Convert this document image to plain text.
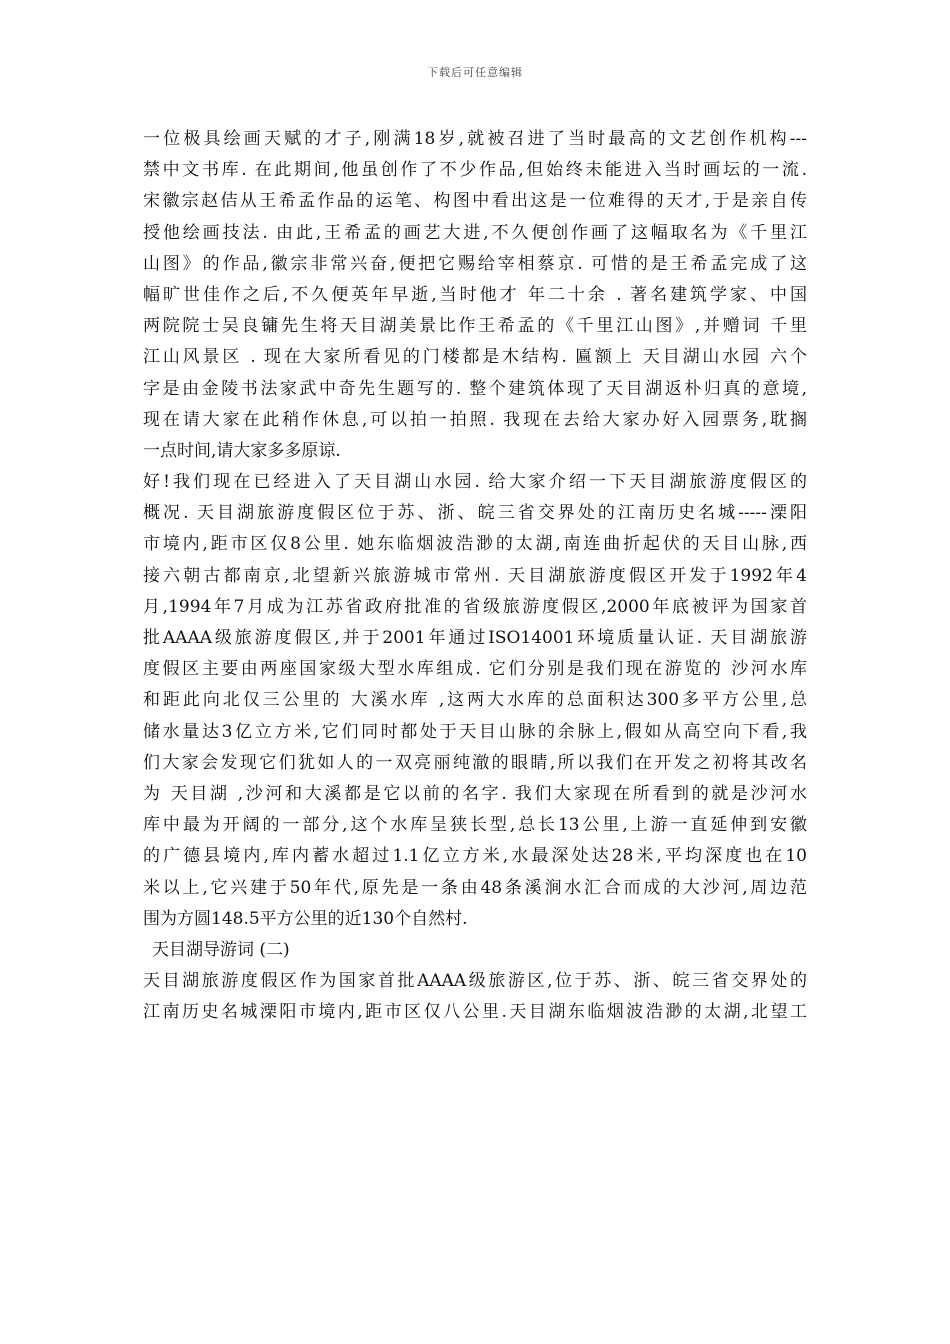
下载后可任意编辑
一位极具绘画天赋的才子,刚满18岁,就被召进了当时最高的文艺创作机构---
禁中文书库. 在此期间,他虽创作了不少作品,但始终未能进入当时画坛的一流.
宋徽宗赵佶从王希孟作品的运笔、构图中看出这是一位难得的天才,于是亲自传
授他绘画技法. 由此,王希孟的画艺大进,不久便创作画了这幅取名为《千里江
山图》的作品,徽宗非常兴奋,便把它赐给宰相蔡京. 可惜的是王希孟完成了这
幅旷世佳作之后,不久便英年早逝,当时他才 年二十余 . 著名建筑学家、中国
两院院士吴良镛先生将天目湖美景比作王希孟的《千里江山图》,并赠词 千里
江山风景区 . 现在大家所看见的门楼都是木结构. 匾额上 天目湖山水园 六个
字是由金陵书法家武中奇先生题写的. 整个建筑体现了天目湖返朴归真的意境,
现在请大家在此稍作休息,可以拍一拍照. 我现在去给大家办好入园票务,耽搁
一点时间,请大家多多原谅.
好!我们现在已经进入了天目湖山水园. 给大家介绍一下天目湖旅游度假区的
概况. 天目湖旅游度假区位于苏、浙、皖三省交界处的江南历史名城-----溧阳
市境内,距市区仅8公里. 她东临烟波浩渺的太湖,南连曲折起伏的天目山脉,西
接六朝古都南京,北望新兴旅游城市常州. 天目湖旅游度假区开发于1992年4
月,1994年7月成为江苏省政府批准的省级旅游度假区,2000年底被评为国家首
批AAAA级旅游度假区,并于2001年通过ISO14001环境质量认证. 天目湖旅游
度假区主要由两座国家级大型水库组成. 它们分别是我们现在游览的 沙河水库
和距此向北仅三公里的 大溪水库 ,这两大水库的总面积达300多平方公里,总
储水量达3亿立方米,它们同时都处于天目山脉的余脉上,假如从高空向下看,我
们大家会发现它们犹如人的一双亮丽纯澈的眼睛,所以我们在开发之初将其改名
为 天目湖 ,沙河和大溪都是它以前的名字. 我们大家现在所看到的就是沙河水
库中最为开阔的一部分,这个水库呈狭长型,总长13公里,上游一直延伸到安徽
的广德县境内,库内蓄水超过1.1亿立方米,水最深处达28米,平均深度也在10
米以上,它兴建于50年代,原先是一条由48条溪涧水汇合而成的大沙河,周边范
围为方圆148.5平方公里的近130个自然村.
天目湖导游词 (二)
天目湖旅游度假区作为国家首批AAAA级旅游区,位于苏、浙、皖三省交界处的
江南历史名城溧阳市境内,距市区仅八公里.天目湖东临烟波浩渺的太湖,北望工
